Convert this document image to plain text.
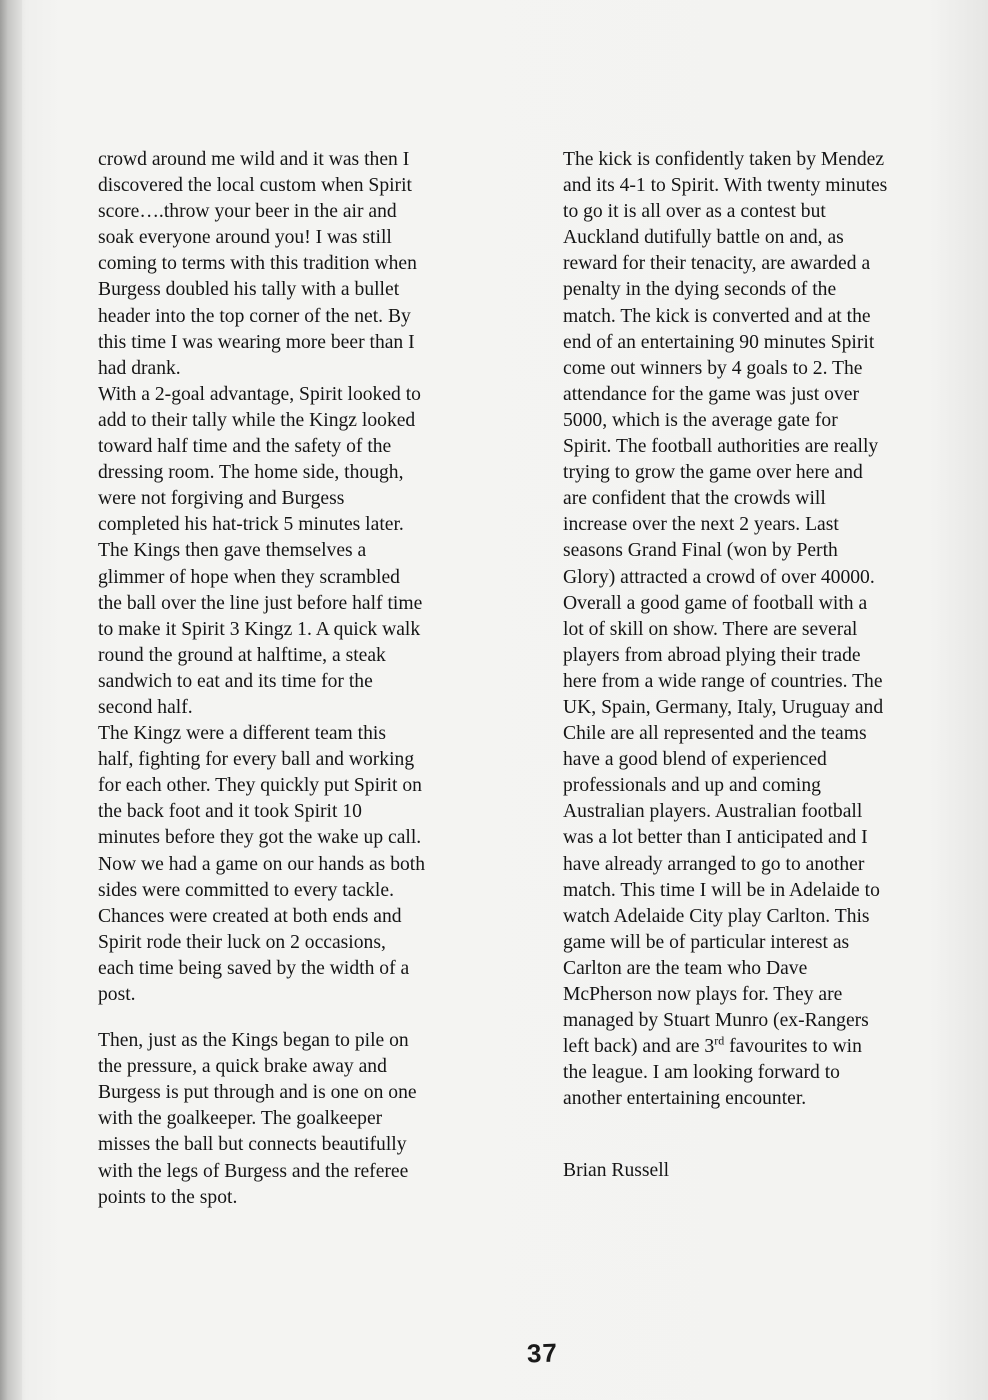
crowd around me wild and it was then I
discovered the local custom when Spirit
score….throw your beer in the air and
soak everyone around you! I was still
coming to terms with this tradition when
Burgess doubled his tally with a bullet
header into the top corner of the net. By
this time I was wearing more beer than I
had drank.
With a 2-goal advantage, Spirit looked to
add to their tally while the Kingz looked
toward half time and the safety of the
dressing room. The home side, though,
were not forgiving and Burgess
completed his hat-trick 5 minutes later.
The Kings then gave themselves a
glimmer of hope when they scrambled
the ball over the line just before half time
to make it Spirit 3 Kingz 1. A quick walk
round the ground at halftime, a steak
sandwich to eat and its time for the
second half.
The Kingz were a different team this
half, fighting for every ball and working
for each other. They quickly put Spirit on
the back foot and it took Spirit 10
minutes before they got the wake up call.
Now we had a game on our hands as both
sides were committed to every tackle.
Chances were created at both ends and
Spirit rode their luck on 2 occasions,
each time being saved by the width of a
post.
Then, just as the Kings began to pile on
the pressure, a quick brake away and
Burgess is put through and is one on one
with the goalkeeper. The goalkeeper
misses the ball but connects beautifully
with the legs of Burgess and the referee
points to the spot.
The kick is confidently taken by Mendez
and its 4-1 to Spirit. With twenty minutes
to go it is all over as a contest but
Auckland dutifully battle on and, as
reward for their tenacity, are awarded a
penalty in the dying seconds of the
match. The kick is converted and at the
end of an entertaining 90 minutes Spirit
come out winners by 4 goals to 2. The
attendance for the game was just over
5000, which is the average gate for
Spirit. The football authorities are really
trying to grow the game over here and
are confident that the crowds will
increase over the next 2 years. Last
seasons Grand Final (won by Perth
Glory) attracted a crowd of over 40000.
Overall a good game of football with a
lot of skill on show. There are several
players from abroad plying their trade
here from a wide range of countries. The
UK, Spain, Germany, Italy, Uruguay and
Chile are all represented and the teams
have a good blend of experienced
professionals and up and coming
Australian players. Australian football
was a lot better than I anticipated and I
have already arranged to go to another
match. This time I will be in Adelaide to
watch Adelaide City play Carlton. This
game will be of particular interest as
Carlton are the team who Dave
McPherson now plays for. They are
managed by Stuart Munro (ex-Rangers
left back) and are 3rd favourites to win
the league. I am looking forward to
another entertaining encounter.
Brian Russell
37
